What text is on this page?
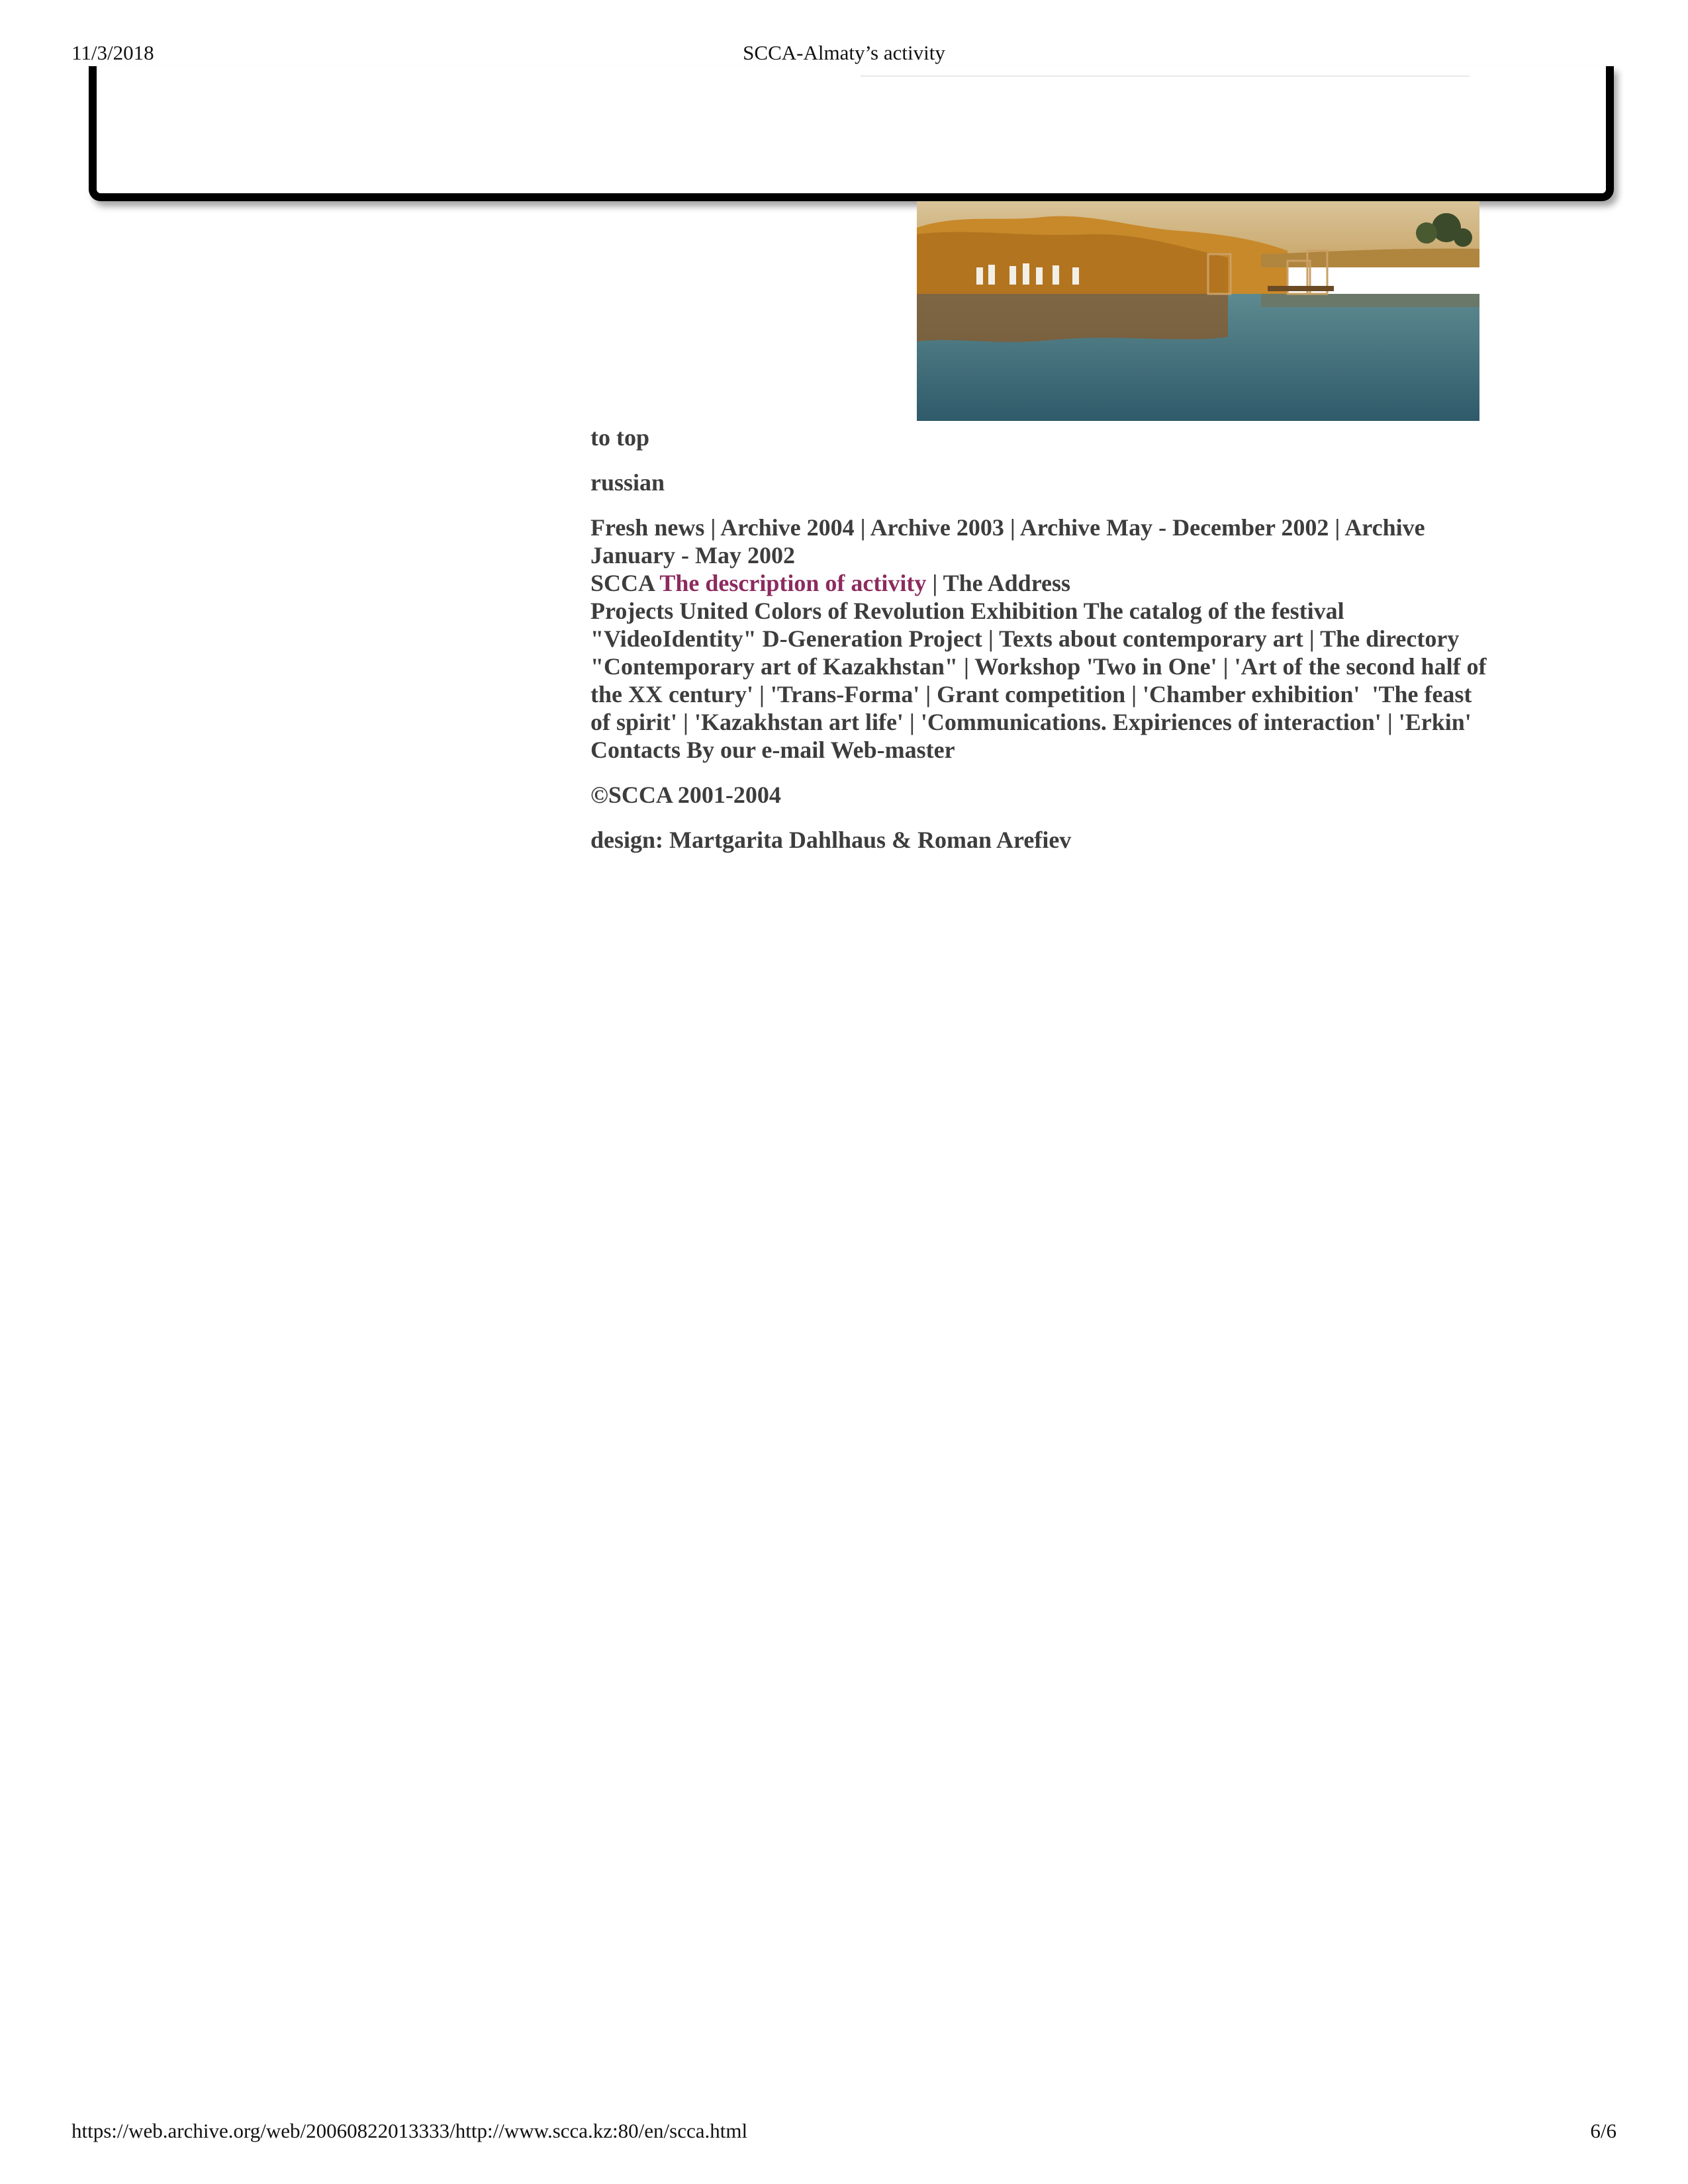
11/3/2018	SCCA-Almaty’s activity

to top

russian

Fresh news | Archive 2004 | Archive 2003 | Archive May - December 2002 | Archive January - May 2002
SCCA The description of activity | The Address
Projects United Colors of Revolution Exhibition The catalog of the festival "VideoIdentity" D-Generation Project | Texts about contemporary art | The directory "Contemporary art of Kazakhstan" | Workshop 'Two in One' | 'Art of the second half of the XX century' | 'Trans-Forma' | Grant competition | 'Chamber exhibition' 'The feast of spirit' | 'Kazakhstan art life' | 'Communications. Expiriences of interaction' | 'Erkin'
Contacts By our e-mail Web-master

©SCCA 2001-2004

design: Martgarita Dahlhaus & Roman Arefiev

https://web.archive.org/web/20060822013333/http://www.scca.kz:80/en/scca.html	6/6
